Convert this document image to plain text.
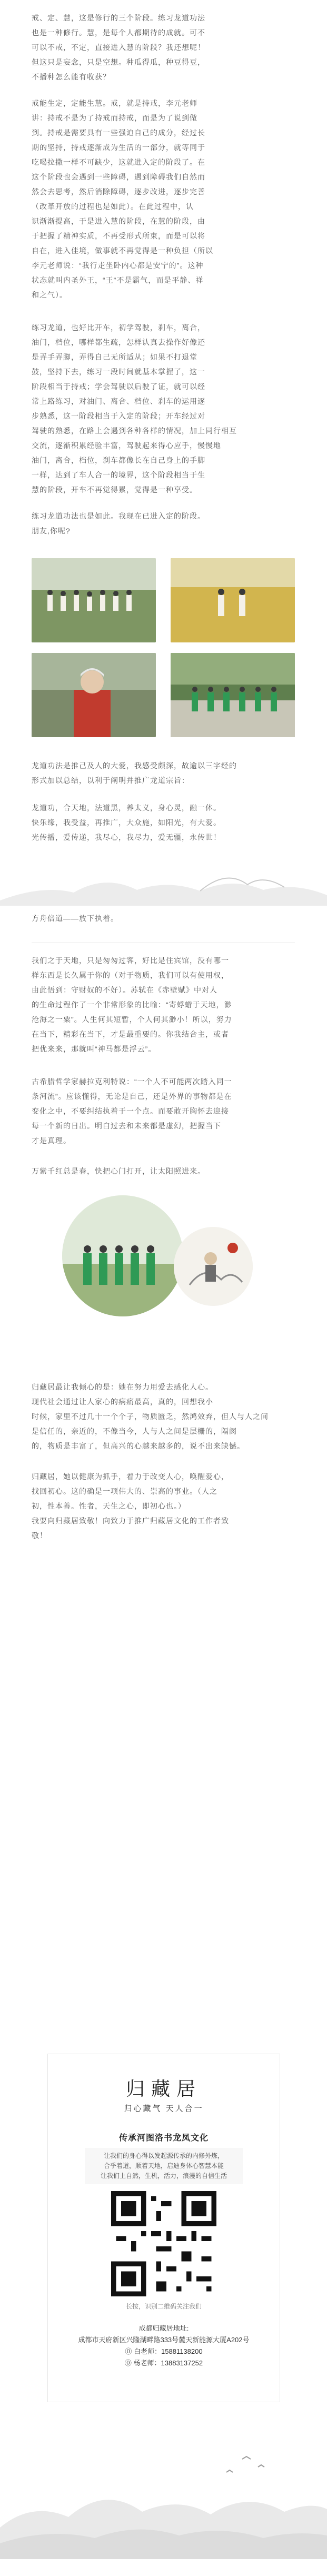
戒、定、慧，这是修行的三个阶段。练习龙道功法
也是一种修行。慧，是每个人都期待的成就。可不
可以不戒，不定，直接进入慧的阶段？我还想呢！
但这只是妄念，只是空想。种瓜得瓜，种豆得豆，
不播种怎么能有收获？

戒能生定，定能生慧。戒，就是持戒，李元老师
讲：持戒不是为了持戒而持戒，而是为了说到做
到。持戒是需要具有一些强迫自己的成分，经过长
期的坚持，持戒逐渐成为生活的一部分，就等同于
吃喝拉撒一样不可缺少，这就进入定的阶段了。在
这个阶段也会遇到一些障碍，遇到障碍我们自然而
然会去思考，然后消除障碍，逐步改进，逐步完善
（改革开放的过程也是如此）。在此过程中，认
识渐渐提高，于是进入慧的阶段，在慧的阶段，由
于把握了精神实质，不再受形式所束，而是可以将
自在，进入佳境，做事就不再觉得是一种负担（所以
李元老师说：“我行走坐卧内心都是安宁的”。这种
状态就叫内圣外王，“王”不是霸气，而是平静、祥
和之气）。

练习龙道，也好比开车，初学驾驶，刹车，离合，
油门，档位，哪样都生疏，怎样认真去操作好像还
是弄手弄脚，弄得自己无所适从；如果不打退堂
鼓，坚持下去，练习一段时间就基本掌握了，这一
阶段相当于持戒；学会驾驶以后驶了证，就可以经
常上路练习，对油门、离合、档位、刹车的运用逐
步熟悉，这一阶段相当于入定的阶段；开车经过对
驾驶的熟悉，在路上会遇到各种各样的情况，加上同行相互
交流，逐渐积累经验丰富，驾驶起来得心应手，慢慢地
油门，离合，档位，刹车都像长在自己身上的手脚
一样，达到了车人合一的境界，这个阶段相当于生
慧的阶段，开车不再觉得累，觉得是一种享受。

练习龙道功法也是如此。我现在已进入定的阶段。
朋友,你呢?

龙道功法是推己及人的大爱，我感受颇深，故逾以三字经的
形式加以总结，以利于阐明并推广龙道宗旨：

龙道功，合天地，法道黑，养太义，身心灵，融一体。
快乐缘，我受益，再推广，大众施，如阳光，有大爱。
光传播，爱传递，我尽心，我尽力，爱无疆，永传世！

方舟倍道——放下执着。

我们之于天地，只是匆匆过客，好比是住宾馆，没有哪一
样东西是长久属于你的（对于物质，我们可以有使用权，
由此悟到：守财奴的不好）。苏轼在《赤壁赋》中对人
的生命过程作了一个非常形象的比喻：“寄蜉蝣于天地，渺
沧海之一粟”。人生何其短暂，个人何其渺小！所以，努力
在当下，精彩在当下，才是最重要的。你我结合主，或者
把优来来，那就叫“神马都是浮云”。

古希腊哲学家赫拉克利特说：“一个人不可能两次踏入同一
条河流”。应该懂得，无论是自己，还是外界的事物都是在
变化之中，不要纠结执着于一个点。而要敢开胸怀去迎接
每一个新的日出。明白过去和未来都是虚幻，把握当下
才是真理。

万紫千红总是春，快把心门打开，让太阳照进来。

归藏居最让我倾心的是：她在努力用爱去感化人心。
现代社会通过让人家心的病痛最高，真的，回想我小
时候，家里不过几十一个个子，物质匮乏，然鸿效弃，但人与人之间
是信任的，亲近的，不像当今，人与人之间是层栅的，隔阂
的，物质是丰富了，但高兴的心越来越多的，说不出来缺憾。

归藏居，她以健康为抓手，着力于改变人心，唤醒爱心，
找回初心。这的确是一项伟大的、崇高的事业。（人之
初，性本善。性者，天生之心，即初心也。）
我要向归藏居致敬！向致力于推广归藏居文化的工作者致
敬！

归藏居
归心藏气 天人合一
传承河图洛书龙凤文化
让我们的身心得以发起源传承的内修外炼，
合乎着道，顺着天地，启迪身体心智慧本能
让我们上自然，生机，活力，浪漫的自信生活
长按，识别二维码关注我们
成都归藏居地址:
成都市天府新区兴隆湖畔路333号麓天新能源大厦A202号
⓪ 白老师：15881138200
⓪ 杨老师：13883137252
